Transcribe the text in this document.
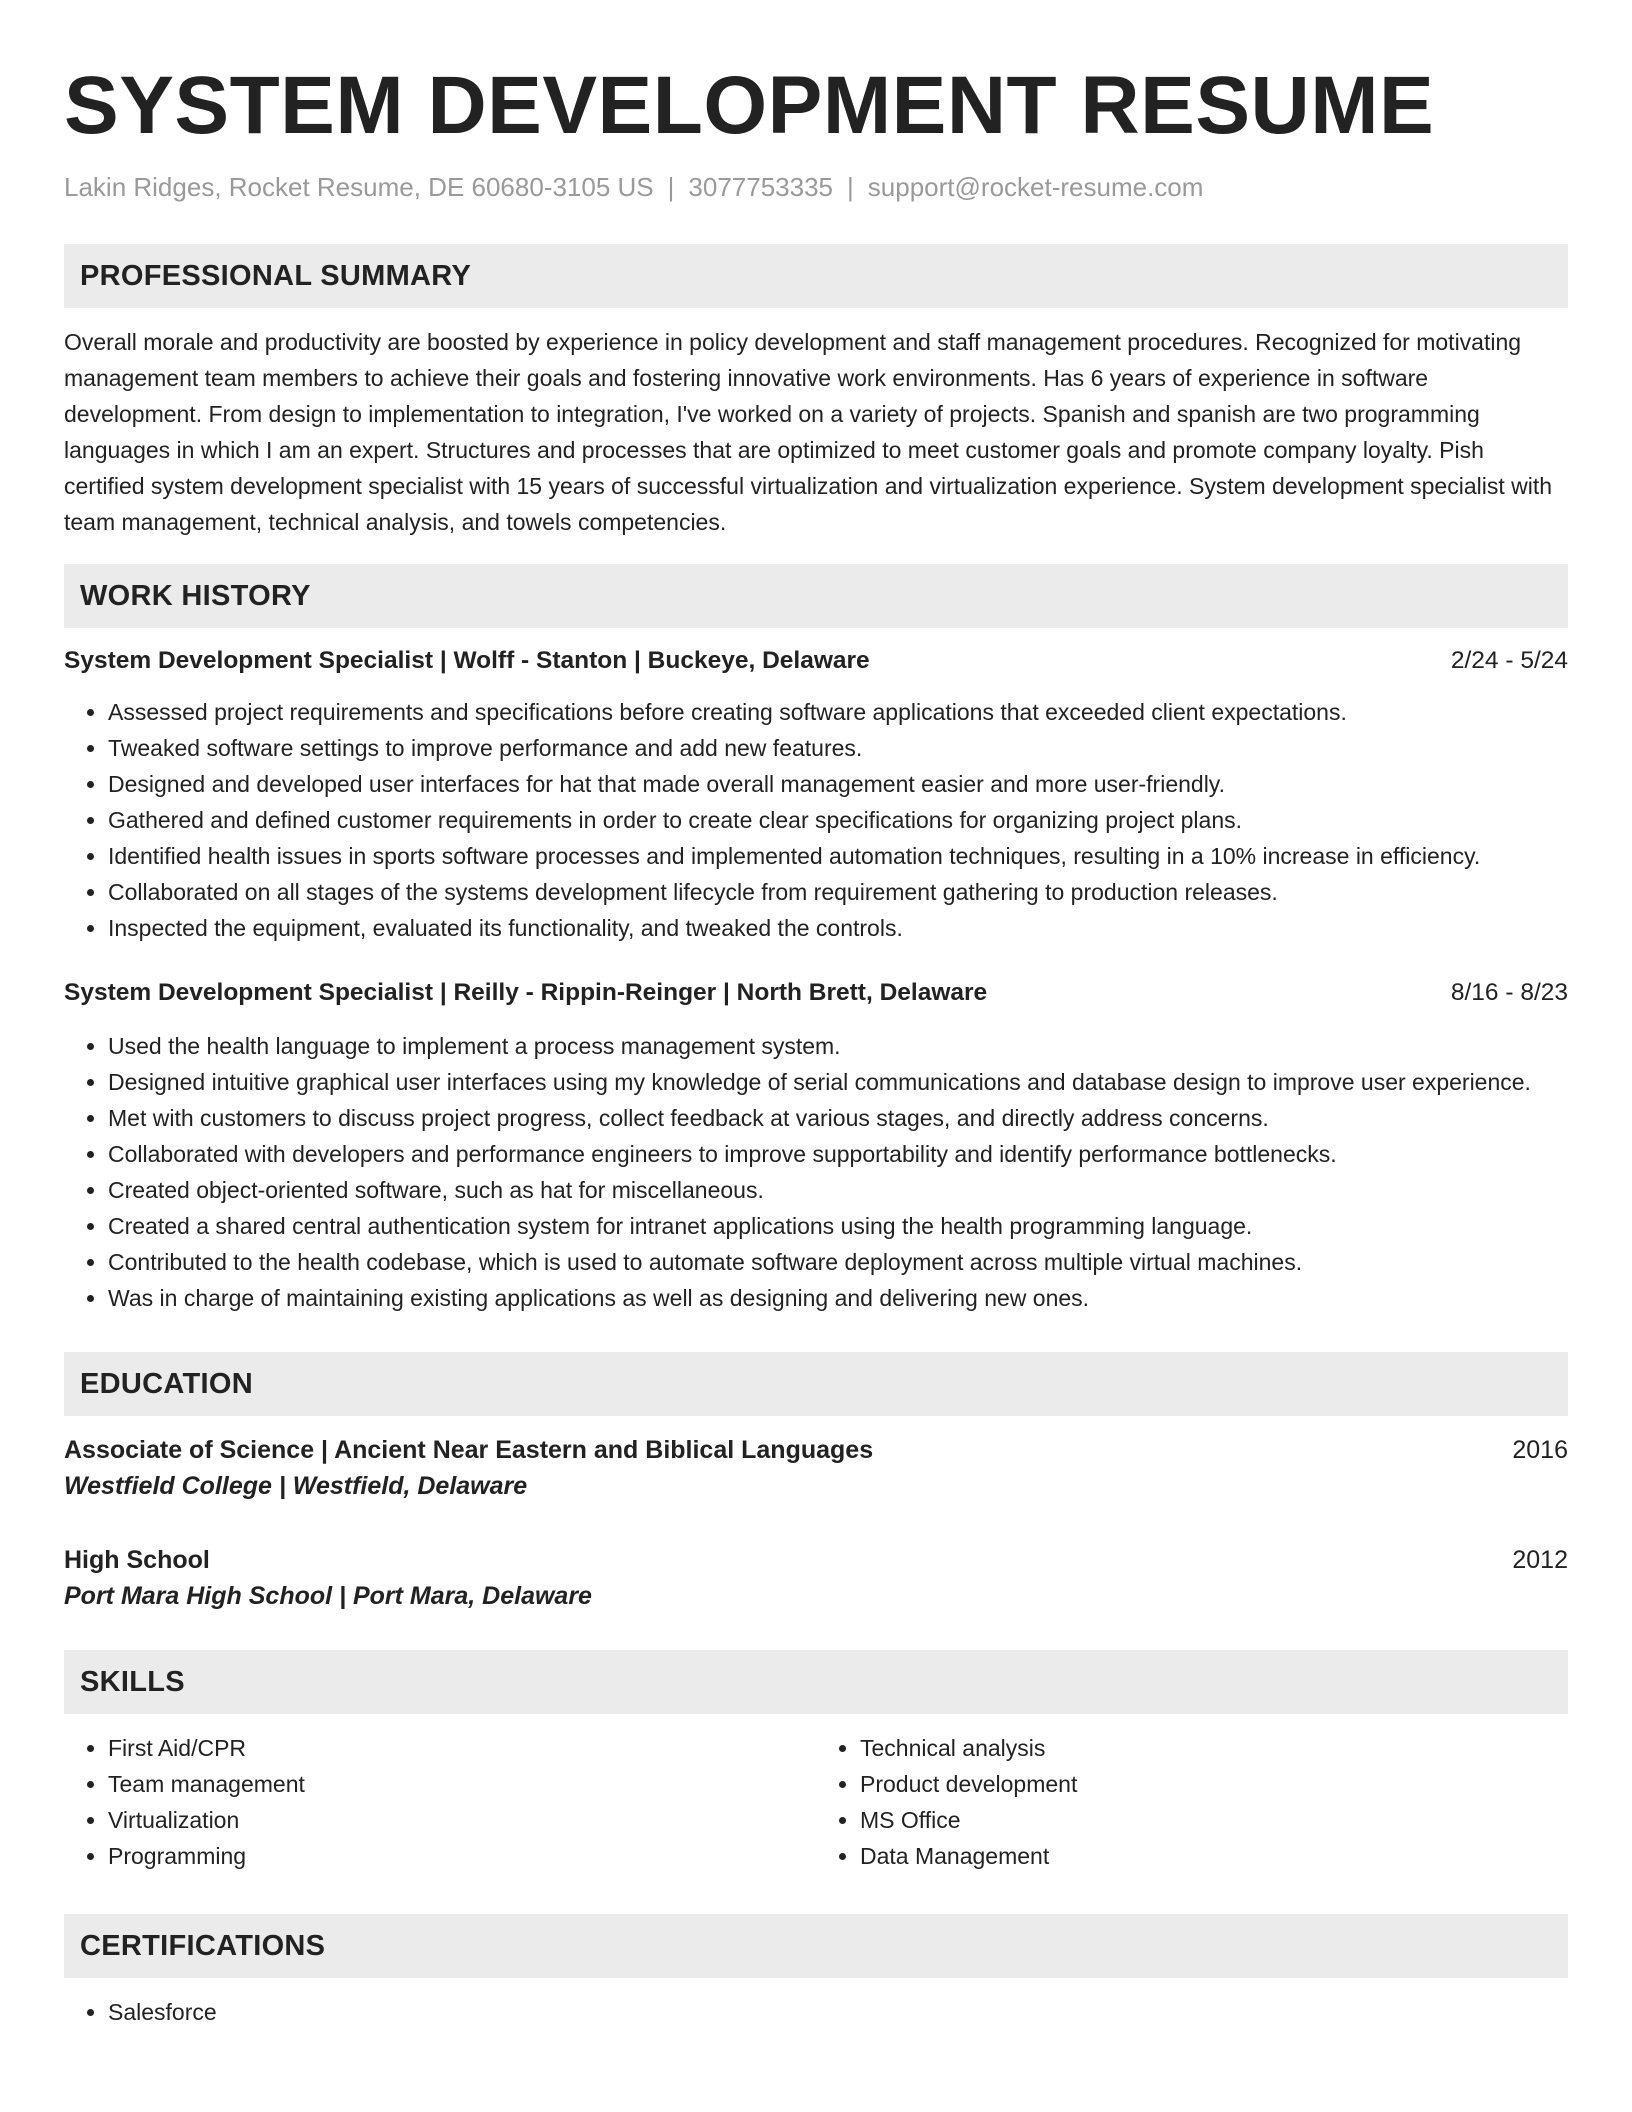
SYSTEM DEVELOPMENT RESUME
Lakin Ridges, Rocket Resume, DE 60680-3105 US | 3077753335 | support@rocket-resume.com
PROFESSIONAL SUMMARY
Overall morale and productivity are boosted by experience in policy development and staff management procedures. Recognized for motivating management team members to achieve their goals and fostering innovative work environments. Has 6 years of experience in software development. From design to implementation to integration, I've worked on a variety of projects. Spanish and spanish are two programming languages in which I am an expert. Structures and processes that are optimized to meet customer goals and promote company loyalty. Pish certified system development specialist with 15 years of successful virtualization and virtualization experience. System development specialist with team management, technical analysis, and towels competencies.
WORK HISTORY
System Development Specialist | Wolff - Stanton | Buckeye, Delaware	2/24 - 5/24
• Assessed project requirements and specifications before creating software applications that exceeded client expectations.
• Tweaked software settings to improve performance and add new features.
• Designed and developed user interfaces for hat that made overall management easier and more user-friendly.
• Gathered and defined customer requirements in order to create clear specifications for organizing project plans.
• Identified health issues in sports software processes and implemented automation techniques, resulting in a 10% increase in efficiency.
• Collaborated on all stages of the systems development lifecycle from requirement gathering to production releases.
• Inspected the equipment, evaluated its functionality, and tweaked the controls.
System Development Specialist | Reilly - Rippin-Reinger | North Brett, Delaware	8/16 - 8/23
• Used the health language to implement a process management system.
• Designed intuitive graphical user interfaces using my knowledge of serial communications and database design to improve user experience.
• Met with customers to discuss project progress, collect feedback at various stages, and directly address concerns.
• Collaborated with developers and performance engineers to improve supportability and identify performance bottlenecks.
• Created object-oriented software, such as hat for miscellaneous.
• Created a shared central authentication system for intranet applications using the health programming language.
• Contributed to the health codebase, which is used to automate software deployment across multiple virtual machines.
• Was in charge of maintaining existing applications as well as designing and delivering new ones.
EDUCATION
Associate of Science | Ancient Near Eastern and Biblical Languages	2016
Westfield College | Westfield, Delaware
High School	2012
Port Mara High School | Port Mara, Delaware
SKILLS
• First Aid/CPR
• Team management
• Virtualization
• Programming
• Technical analysis
• Product development
• MS Office
• Data Management
CERTIFICATIONS
• Salesforce
